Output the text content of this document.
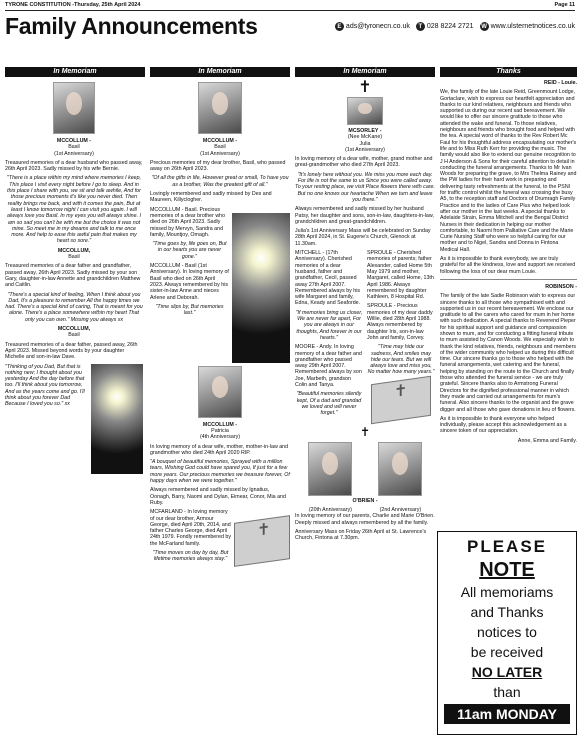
TYRONE CONSTITUTION -Thursday, 25th April 2024	Page 11
Family Announcements	E ads@tyronecn.co.uk	T 028 8224 2721 W www.ulsternetnotices.co.uk
In Memoriam	In Memoriam	In Memoriam	Thanks

MCCOLLUM -

Basil

(1st Anniversary)

Treasured memories of a dear husband who passed away, 26th April 2023. Sadly missed by his wife Bernie.

"There is a place within my mind where memories I keep, This place I visit every night before I go to sleep. And in this place I share with you, we sit and talk awhile, And for those precious moments it's like you never died. Then reality brings me back, and with it comes the pain, But at least I know tomorrow night I can visit you again. I will always love you Basil. In my eyes you will always shine. I am so sad you can't be with me but the choice it was not mine. So meet me in my dreams and talk to me once more. And help to ease this awful pain that makes my heart so sore."

MCCOLLUM,

Basil

Treasured memories of a dear father and grandfather, passed away, 26th April 2023. Sadly missed by your son Gary, daughter-in-law Annette and grandchildren Matthew and Caitlin.

"There's a special kind of feeling, When I think about you Dad, It's a pleasure to remember All the happy times we had. There's a special kind of caring, That is meant for you alone. There's a place somewhere within my heart That only you can own." Missing you always xx

MCCOLLUM,

Basil

Treasured memories of a dear father, passed away, 26th April 2023. Missed beyond words by your daughter Michelle and son-in-law Dave.

"Thinking of you Dad, But that is nothing new; I thought about you yesterday And the day before that too. I'll think about you tomorrow, And as the years come and go. I'll think about you forever Dad Because I loved you so." xx

MCCOLLUM -

Basil

(1st Anniversary)

Precious memories of my dear brother, Basil, who passed away on 26th April 2023.

"Of all the gifts in life, However great or small, To have you as a brother, Was the greatest gift of all."

Lovingly remembered and sadly missed by Des and Maureen, Killyclogher.

MCCOLLUM - Basil. Precious memories of a dear brother who died on 26th April 2023. Sadly missed by Mervyn, Sandra and family, Mountjoy, Omagh.

"Time goes by, life goes on, But in our hearts you are never gone."

MCCOLLUM - Basil (1st Anniversary). In loving memory of Basil who died on 26th April 2023. Always remembered by his sister-in-law Anne and nieces Arlene and Deborah.

"Time slips by, But memories last."

MCCOLLUM -

Patricia

(4th Anniversary)

In loving memory of a dear wife, mother, mother-in-law and grandmother who died 24th April 2020 RIP.

"A bouquet of beautiful memories, Sprayed with a million tears, Wishing God could have spared you, If just for a few more years. Our precious memories we treasure forever, Of happy days when we were together."

Always remembered and sadly missed by Ignatius, Oonagh, Barry, Naomi and Dylan, Eimear, Conor, Mia and Ruby.

MCFARLAND - In loving memory of our dear brother, Armour George, died April 20th, 2014, and father Charles George, died April 24th 1979. Fondly remembered by the McFarland family.

"Time moves on day by day, But lifetime memories always stay."

✝
✝

MCSORLEY -

(Nee McKane)

Julia

(1st Anniversary)

In loving memory of a dear wife, mother, grand mother and great-grandmother who died 27th April 2023.

"It's lonely here without you. We miss you more each day. For life is not the same to us Since you were called away. To your resting place, we visit Place flowers there with care. But no one knows our heartache When we turn and leave you there."

Always remembered and sadly missed by her husband Patsy, her daughter and sons, son-in-law, daughters-in-law, grandchildren and great-grandchildren.

Julia's 1st Anniversary Mass will be celebrated on Sunday 28th April 2024, in St. Eugene's Church, Glenock at 11.30am.

MITCHELL - (17th Anniversary). Cherished memories of a dear husband, father and grandfather, Cecil, passed away 27th April 2007. Remembered always by his wife Margaret and family, Edna, Keady and Seaforde.

"If memories bring us closer, We are never far apart, For you are always in our thoughts, And forever in our hearts."

MOORE - Andy. In loving memory of a dear father and grandfather who passed away 29th April 2007. Remembered always by son Joe, Marbeth, grandson Colin and Tanya.

"Beautiful memories silently kept, Of a dad and grandad we loved and will never forget."

SPROULE - Cherished memories of parents; father Alexander, called Home 5th May 1979 and mother, Margaret, called Home, 13th April 1986. Always remembered by daughter Kathleen, 8 Hospital Rd.

SPROULE - Precious memories of my dear daddy Willie, died 28th April 1988. Always remembered by daughter Iris, son-in-law John and family, Corvey.

"Time may hide our sadness, And smiles may hide our tears. But we will always love and miss you, No matter how many years."

✝
✝

O'BRIEN -

(20th Anniversary)	(2nd Anniversary)

In loving memory of our parents, Charlie and Marie O'Brien. Deeply missed and always remembered by all the family.

Anniversary Mass on Friday 26th April at St. Lawrence's Church, Fintona at 7.30pm.

REID - Louie.

We, the family of the late Louie Reid, Greenmount Lodge, Gortaclare, wish to express our heartfelt appreciation and thanks to our kind relatives, neighbours and friends who supported us during our recent sad bereavement. We would like to offer our sincere gratitude to those who attended the wake and funeral. To those relatives, neighbours and friends who brought food and helped with the tea. A special word of thanks to the Rev Robert Mc Faul for his thoughtful address encapsulating our mother's life and to Miss Ruth Kerr for providing the music. The family would also like to extend our genuine recognition to J H Anderson & Sons for their careful attention to detail in conducting the funeral arrangements. Thanks to Mr Ivan Woods for preparing the grave, to Mrs Thelma Rainey and the PW ladies for their hard work in preparing and delivering tasty refreshments at the funeral, to the PSNI for traffic control whilst the funeral was crossing the busy A5, to the reception staff and Doctors of Drumragh Family Practice and to the ladies of Care Plus who helped look after our mother in the last weeks. A special thanks to Adelaide Strain, Emma Mitchell and the Bengal District Nurses in their dedication in helping our mother comfortable, to Naomi from Palliative Care and the Marie Curie Nursing Staff who were so helpful caring for our mother and to Nigel, Sandra and Donna in Fintona Medical Hall.

As it is impossible to thank everybody, we are truly grateful for all the kindness, love and support we received following the loss of our dear mum Louie.

ROBINSON -

The family of the late Sadie Robinson wish to express our sincere thanks to all those who sympathised with and supported us in our recent bereavement. We enclose our gratitude to all the carers who cared for mum in her home with such dedication. A special thanks to Reverend Pieper for his spiritual support and guidance and compassion shown to mum, and for conducting a fitting funeral tribute to mum assisted by Canon Woods. We especially wish to thank the kind relatives, friends, neighbours and members of the wider community who helped us during this difficult time. Our sincere thanks go to those who helped with the funeral arrangements, wet catering and the funeral, helping by standing on the route to the Church and finally those who attended the funeral service - we are truly grateful. Sincere thanks also to Armstrong Funeral Directors for the dignified professional manner in which they made and carried out arrangements for mum's funeral. Also sincere thanks to the organist and the grave digger and all those who gave donations in lieu of flowers.

As it is impossible to thank everyone who helped individually, please accept this acknowledgement as a sincere token of our appreciation.

Anne, Emma and Family.

PLEASE
NOTE
All memoriams
and Thanks
notices to
be received
NO LATER
than
11am MONDAY
